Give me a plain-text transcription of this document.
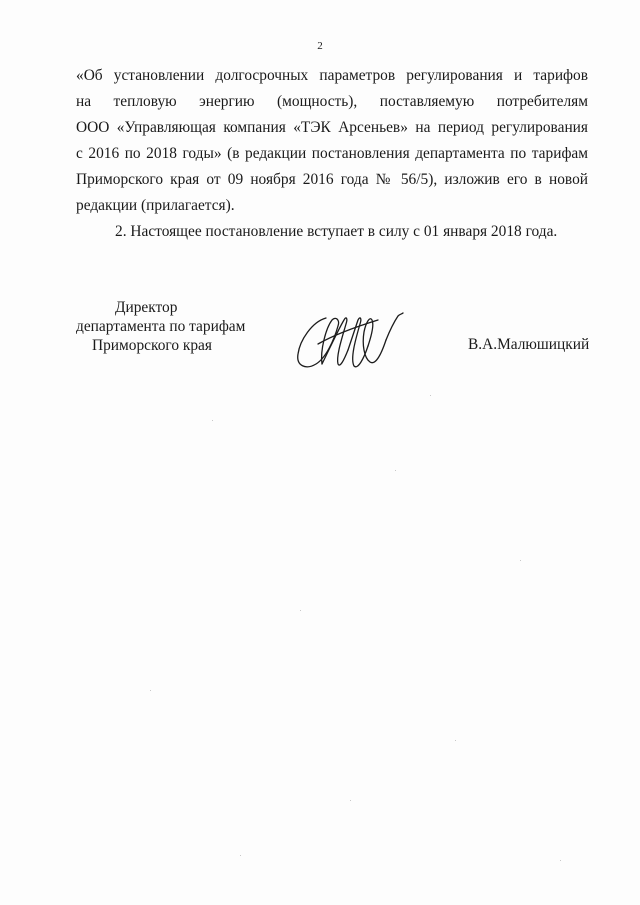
2
«Об установлении долгосрочных параметров регулирования и тарифов
на тепловую энергию (мощность), поставляемую потребителям
ООО «Управляющая компания «ТЭК Арсеньев» на период регулирования
с 2016 по 2018 годы» (в редакции постановления департамента по тарифам
Приморского края от 09 ноября 2016 года № 56/5), изложив его в новой
редакции (прилагается).
2. Настоящее постановление вступает в силу с 01 января 2018 года.
Директор
департамента по тарифам
Приморского края	В.А.Малюшицкий
